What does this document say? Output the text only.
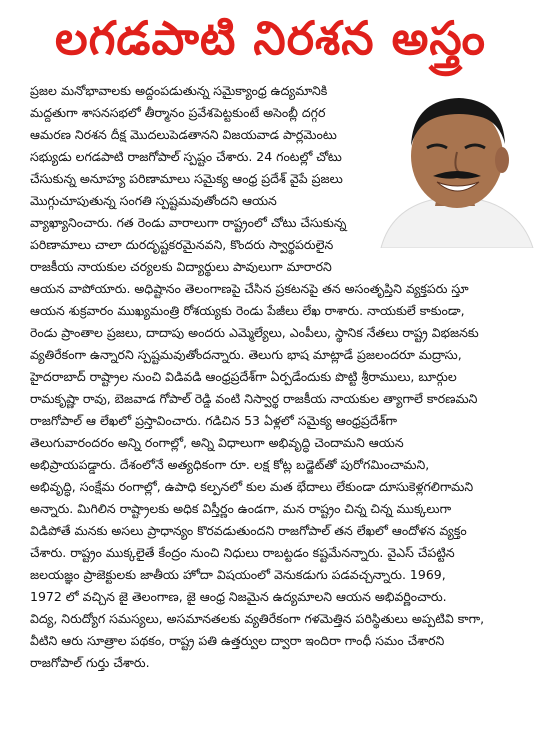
లగడపాటి నిరశన అస్త్రం
ప్రజల మనోభావాలకు అద్దంపడుతున్న సమైక్యాంధ్ర ఉద్యమానికి
మద్దతుగా శాసనసభలో తీర్మానం ప్రవేశపెట్టకుంటే అసెంబ్లీ దగ్గర
ఆమరణ నిరశన దీక్ష మొదలుపెడతానని విజయవాడ పార్లమెంటు
సభ్యుడు లగడపాటి రాజగోపాల్ స్పష్టం చేశారు. 24 గంటల్లో చోటు
చేసుకున్న అనూహ్య పరిణామాలు సమైక్య ఆంధ్ర ప్రదేశ్ వైపే ప్రజలు
మొగ్గుచూపుతున్న సంగతి స్పష్టమవుతోందని ఆయన
వ్యాఖ్యానించారు. గత రెండు వారాలుగా రాష్ట్రంలో చోటు చేసుకున్న
పరిణామాలు చాలా దురదృష్టకరమైనవని, కొందరు స్వార్థపరులైన
రాజకీయ నాయకుల చర్యలకు విద్యార్థులు పావులుగా మారారని
ఆయన వాపోయారు. అధిష్టానం తెలంగాణపై చేసిన ప్రకటనపై తన అసంతృప్తిని వ్యక్తపరు స్తూ
ఆయన శుక్రవారం ముఖ్యమంత్రి రోశయ్యకు రెండు పేజీలు లేఖ రాశారు. నాయకులే కాకుండా,
రెండు ప్రాంతాల ప్రజలు, దాదాపు అందరు ఎమ్మెల్యేలు, ఎంపీలు, స్థానిక నేతలు రాష్ట్ర విభజనకు
వ్యతిరేకంగా ఉన్నారని స్పష్టమవుతోందన్నారు. తెలుగు భాష మాట్లాడే ప్రజలందరూ మద్రాసు,
హైదరాబాద్ రాష్ట్రాల నుంచి విడివడి ఆంధ్రప్రదేశ్‌గా ఏర్పడేందుకు పొట్టి శ్రీరాములు, బూర్గుల
రామకృష్ణా రావు, బెజవాడ గోపాల్ రెడ్డి వంటి నిస్వార్థ రాజకీయ నాయకుల త్యాగాలే కారణమని
రాజగోపాల్ ఆ లేఖలో ప్రస్తావించారు. గడిచిన 53 ఏళ్లలో సమైక్య ఆంధ్రప్రదేశ్‌గా
తెలుగువారందరం అన్ని రంగాల్లో, అన్ని విధాలుగా అభివృద్ధి చెందామని ఆయన
అభిప్రాయపడ్డారు. దేశంలోనే అత్యధికంగా రూ. లక్ష కోట్ల బడ్జెట్‌తో పురోగమించామని,
అభివృద్ధి, సంక్షేమ రంగాల్లో, ఉపాధి కల్పనలో కుల మత భేదాలు లేకుండా దూసుకెళ్లగలిగామని
అన్నారు. మిగిలిన రాష్ట్రాలకు అధిక విస్తీర్ణం ఉండగా, మన రాష్ట్రం చిన్న చిన్న ముక్కలుగా
విడిపోతే మనకు అసలు ప్రాధాన్యం కొరవడుతుందని రాజగోపాల్ తన లేఖలో ఆందోళన వ్యక్తం
చేశారు. రాష్ట్రం ముక్కలైతే కేంద్రం నుంచి నిధులు రాబట్టడం కష్టమేనన్నారు. వైఎస్ చేపట్టిన
జలయజ్ఞం ప్రాజెక్టులకు జాతీయ హోదా విషయంలో వెనుకడుగు పడవచ్చన్నారు. 1969,
1972 లో వచ్చిన జై తెలంగాణ, జై ఆంధ్ర నిజమైన ఉద్యమాలని ఆయన అభివర్ణించారు.
విద్య, నిరుద్యోగ సమస్యలు, అసమానతలకు వ్యతిరేకంగా గళమెత్తిన పరిస్థితులు అప్పటివి కాగా,
వీటిని ఆరు సూత్రాల పథకం, రాష్ట్ర పతి ఉత్తర్వుల ద్వారా ఇందిరా గాంధీ సమం చేశారని
రాజగోపాల్ గుర్తు చేశారు.
